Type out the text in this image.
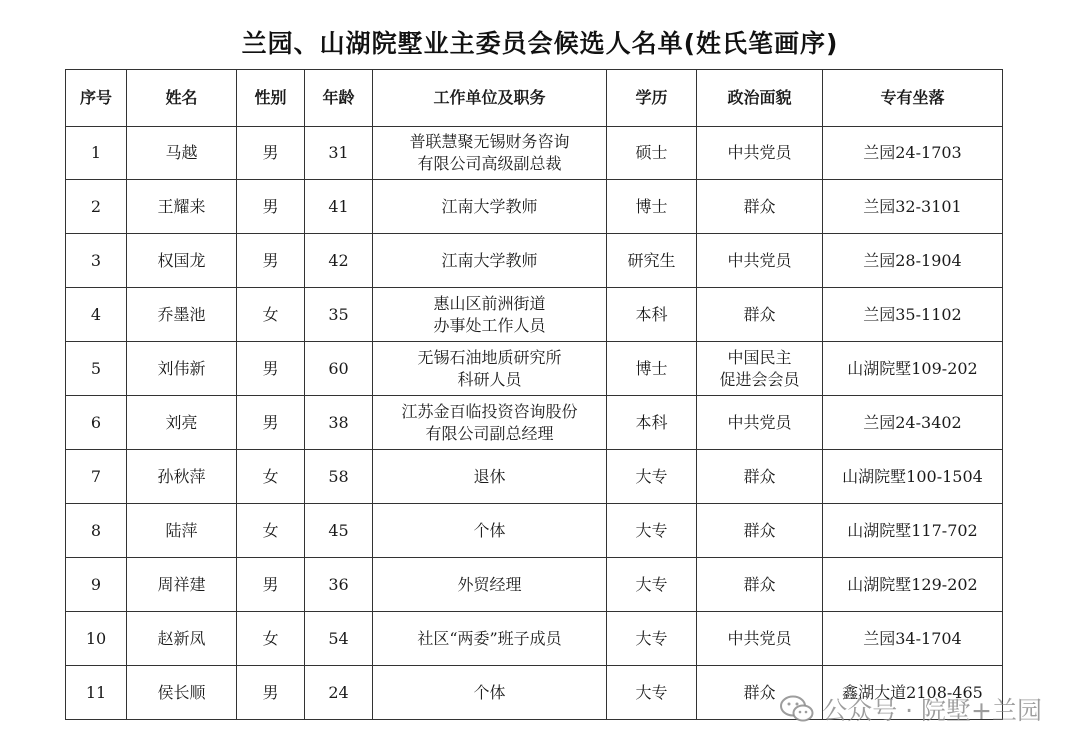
兰园、山湖院墅业主委员会候选人名单(姓氏笔画序)
序号	姓名	性别	年龄	工作单位及职务	学历	政治面貌	专有坐落
1	马越	男	31	普联慧聚无锡财务咨询
有限公司高级副总裁	硕士	中共党员	兰园24-1703
2	王耀来	男	41	江南大学教师	博士	群众	兰园32-3101
3	权国龙	男	42	江南大学教师	研究生	中共党员	兰园28-1904
4	乔墨池	女	35	惠山区前洲街道
办事处工作人员	本科	群众	兰园35-1102
5	刘伟新	男	60	无锡石油地质研究所
科研人员	博士	中国民主
促进会会员	山湖院墅109-202
6	刘亮	男	38	江苏金百临投资咨询股份
有限公司副总经理	本科	中共党员	兰园24-3402
7	孙秋萍	女	58	退休	大专	群众	山湖院墅100-1504
8	陆萍	女	45	个体	大专	群众	山湖院墅117-702
9	周祥建	男	36	外贸经理	大专	群众	山湖院墅129-202
10	赵新凤	女	54	社区“两委”班子成员	大专	中共党员	兰园34-1704
11	侯长顺	男	24	个体	大专	群众	鑫湖大道2108-465
公众号 · 院墅+兰园
